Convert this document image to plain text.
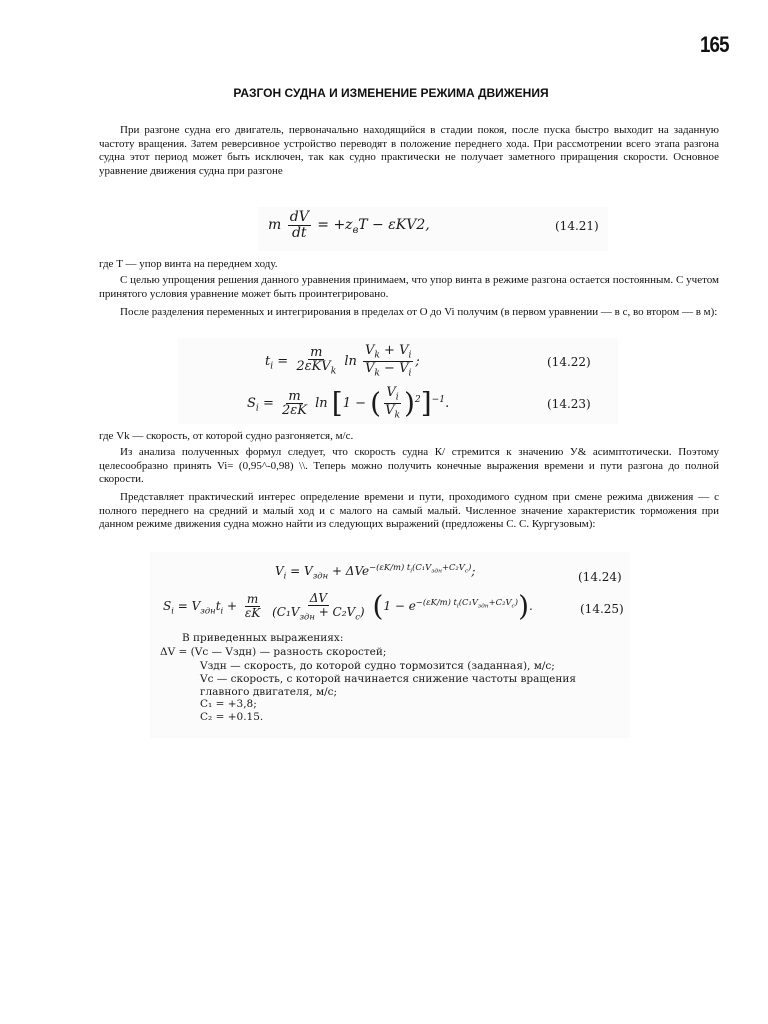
165
РАЗГОН СУДНА И ИЗМЕНЕНИЕ РЕЖИМА ДВИЖЕНИЯ

При разгоне судна его двигатель, первоначально находящийся в стадии покоя, после пуска быстро выходит на заданную частоту вращения. Затем реверсивное устройство переводят в положение переднего хода. При рассмотрении всего этапа разгона судна этот период может быть исключен, так как судно практически не получает заметного приращения скорости. Основное уравнение движения судна при разгоне

m $\frac{dV}{dt} = +z_вT - \varepsilon KV2$,	(14.21)

где T — упор винта на переднем ходу.

С целью упрощения решения данного уравнения принимаем, что упор винта в режиме разгона остается постоянным. С учетом принятого условия уравнение может быть проинтегрировано.

После разделения переменных и интегрирования в пределах от О до Vi получим (в первом уравнении — в с, во втором — в м):

$t_i = \frac{m}{2\varepsilon KV_k}$ $\ln \frac{V_k + V_i}{V_k - V_i}$ ;	(14.22)
$S_i = \frac{m}{2\varepsilon K}$ ln [1 − ( $\frac{V_i}{V_k} )^2]^{-1}$.	(14.23)

где Vk — скорость, от которой судно разгоняется, м/с.

Из анализа полученных формул следует, что скорость судна К/ стремится к значению У& асимптотически. Поэтому целесообразно принять Vi= (0,95^-0,98) \\. Теперь можно получить конечные выражения времени и пути разгона до полной скорости.

Представляет практический интерес определение времени и пути, проходимого судном при смене режима движения — с полного переднего на средний и малый ход и с малого на самый малый. Численное значение характеристик торможения при данном режиме движения судна можно найти из следующих выражений (предложены С. С. Кургузовым):

$V_i = V_{здн} + \Delta Ve^{-(\varepsilon K/m) t_i(C_1V_{здн}+C_2V_c)}$;	(14.24)
$S_i = V_{здн}t_i + \frac{m}{\varepsilon K}$
$\frac{\Delta V}{(C_1V_{здн} + C_2V_c)} (1 - e^{-(\varepsilon K/m) t_i(C_1V_{здн}+C_2V_c)})$.	(14.25)
В приведенных выражениях:
ΔV = (Vc — Vздн) — разность скоростей;
Vздн — скорость, до которой судно тормозится (заданная), м/с;
Vc — скорость, с которой начинается снижение частоты вращения главного двигателя, м/с;
C₁ = +3,8;
C₂ = +0.15.
